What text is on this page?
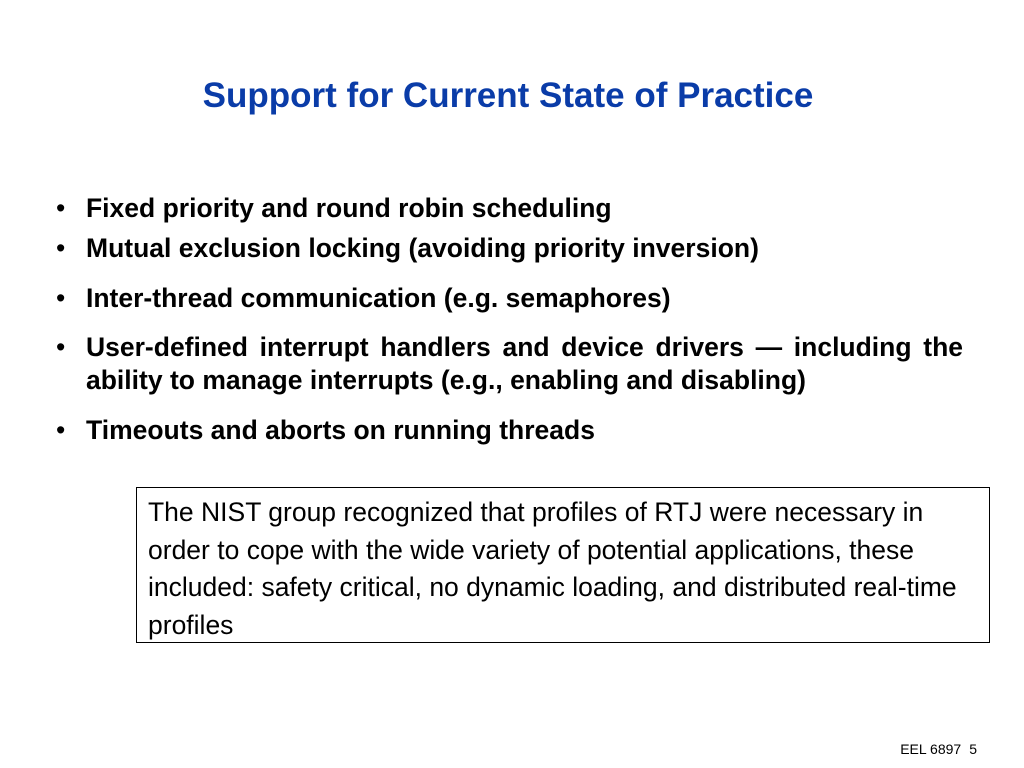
Support for Current State of Practice
• Fixed priority and round robin scheduling
• Mutual exclusion locking (avoiding priority inversion)
• Inter-thread communication (e.g. semaphores)
• User-defined interrupt handlers and device drivers — including the ability to manage interrupts (e.g., enabling and disabling)
• Timeouts and aborts on running threads
The NIST group recognized that profiles of RTJ were necessary in order to cope with the wide variety of potential applications, these included: safety critical, no dynamic loading, and distributed real-time profiles
EEL 6897 5
